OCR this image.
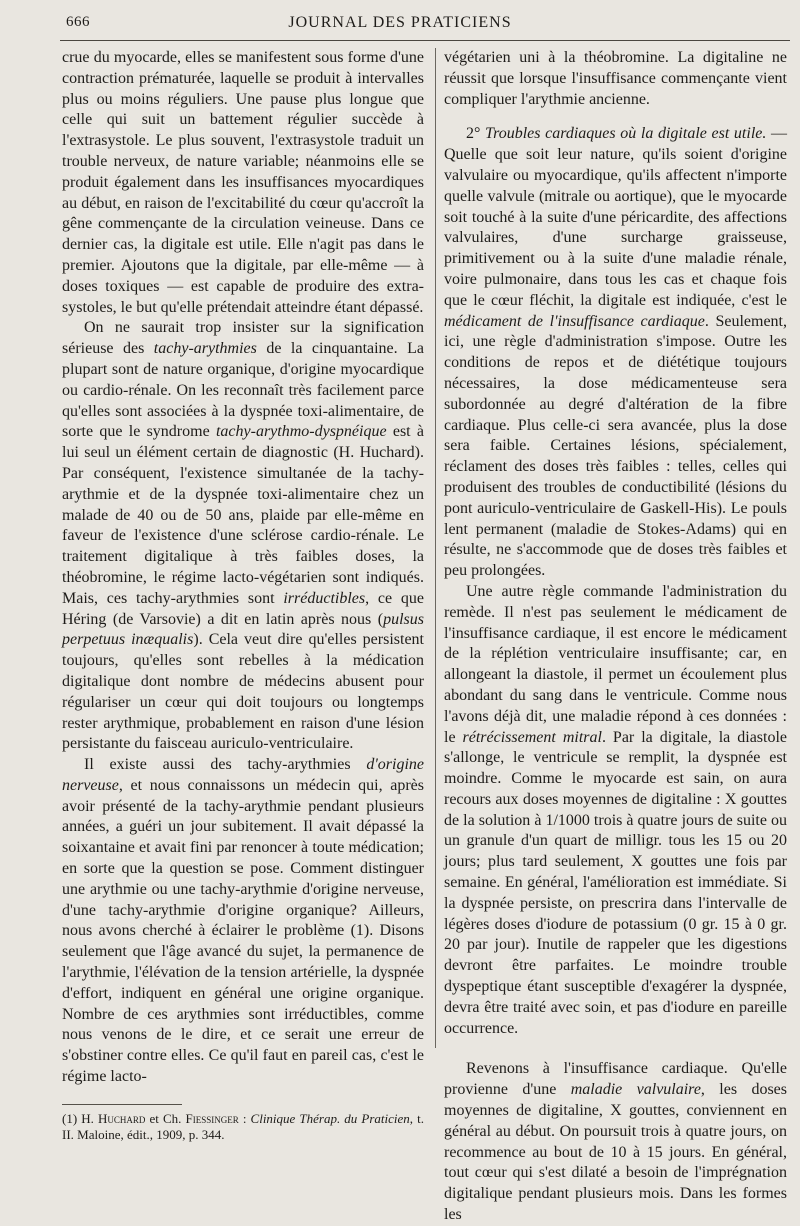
666	JOURNAL DES PRATICIENS

crue du myocarde, elles se manifestent sous forme d'une contraction prématurée, laquelle se produit à intervalles plus ou moins réguliers. Une pause plus longue que celle qui suit un battement régulier succède à l'extrasystole. Le plus souvent, l'extrasystole traduit un trouble nerveux, de nature variable; néanmoins elle se produit également dans les insuffisances myocardiques au début, en raison de l'excitabilité du cœur qu'accroît la gêne commençante de la circulation veineuse. Dans ce dernier cas, la digitale est utile. Elle n'agit pas dans le premier. Ajoutons que la digitale, par elle-même — à doses toxiques — est capable de produire des extra-systoles, le but qu'elle prétendait atteindre étant dépassé.

On ne saurait trop insister sur la signification sérieuse des tachy-arythmies de la cinquantaine. La plupart sont de nature organique, d'origine myocardique ou cardio-rénale. On les reconnaît très facilement parce qu'elles sont associées à la dyspnée toxi-alimentaire, de sorte que le syndrome tachy-arythmo-dyspnéique est à lui seul un élément certain de diagnostic (H. Huchard). Par conséquent, l'existence simultanée de la tachy-arythmie et de la dyspnée toxi-alimentaire chez un malade de 40 ou de 50 ans, plaide par elle-même en faveur de l'existence d'une sclérose cardio-rénale. Le traitement digitalique à très faibles doses, la théobromine, le régime lacto-végétarien sont indiqués. Mais, ces tachy-arythmies sont irréductibles, ce que Héring (de Varsovie) a dit en latin après nous (pulsus perpetuus inæqualis). Cela veut dire qu'elles persistent toujours, qu'elles sont rebelles à la médication digitalique dont nombre de médecins abusent pour régulariser un cœur qui doit toujours ou longtemps rester arythmique, probablement en raison d'une lésion persistante du faisceau auriculo-ventriculaire.

Il existe aussi des tachy-arythmies d'origine nerveuse, et nous connaissons un médecin qui, après avoir présenté de la tachy-arythmie pendant plusieurs années, a guéri un jour subitement. Il avait dépassé la soixantaine et avait fini par renoncer à toute médication; en sorte que la question se pose. Comment distinguer une arythmie ou une tachy-arythmie d'origine nerveuse, d'une tachy-arythmie d'origine organique? Ailleurs, nous avons cherché à éclairer le problème (1). Disons seulement que l'âge avancé du sujet, la permanence de l'arythmie, l'élévation de la tension artérielle, la dyspnée d'effort, indiquent en général une origine organique. Nombre de ces arythmies sont irréductibles, comme nous venons de le dire, et ce serait une erreur de s'obstiner contre elles. Ce qu'il faut en pareil cas, c'est le régime lacto-

(1) H. Huchard et Ch. Fiessinger : Clinique Thérap. du Praticien, t. II. Maloine, édit., 1909, p. 344.

végétarien uni à la théobromine. La digitaline ne réussit que lorsque l'insuffisance commençante vient compliquer l'arythmie ancienne.

2° Troubles cardiaques où la digitale est utile. — Quelle que soit leur nature, qu'ils soient d'origine valvulaire ou myocardique, qu'ils affectent n'importe quelle valvule (mitrale ou aortique), que le myocarde soit touché à la suite d'une péricardite, des affections valvulaires, d'une surcharge graisseuse, primitivement ou à la suite d'une maladie rénale, voire pulmonaire, dans tous les cas et chaque fois que le cœur fléchit, la digitale est indiquée, c'est le médicament de l'insuffisance cardiaque. Seulement, ici, une règle d'administration s'impose. Outre les conditions de repos et de diététique toujours nécessaires, la dose médicamenteuse sera subordonnée au degré d'altération de la fibre cardiaque. Plus celle-ci sera avancée, plus la dose sera faible. Certaines lésions, spécialement, réclament des doses très faibles : telles, celles qui produisent des troubles de conductibilité (lésions du pont auriculo-ventriculaire de Gaskell-His). Le pouls lent permanent (maladie de Stokes-Adams) qui en résulte, ne s'accommode que de doses très faibles et peu prolongées.

Une autre règle commande l'administration du remède. Il n'est pas seulement le médicament de l'insuffisance cardiaque, il est encore le médicament de la réplétion ventriculaire insuffisante; car, en allongeant la diastole, il permet un écoulement plus abondant du sang dans le ventricule. Comme nous l'avons déjà dit, une maladie répond à ces données : le rétrécissement mitral. Par la digitale, la diastole s'allonge, le ventricule se remplit, la dyspnée est moindre. Comme le myocarde est sain, on aura recours aux doses moyennes de digitaline : X gouttes de la solution à 1/1000 trois à quatre jours de suite ou un granule d'un quart de milligr. tous les 15 ou 20 jours; plus tard seulement, X gouttes une fois par semaine. En général, l'amélioration est immédiate. Si la dyspnée persiste, on prescrira dans l'intervalle de légères doses d'iodure de potassium (0 gr. 15 à 0 gr. 20 par jour). Inutile de rappeler que les digestions devront être parfaites. Le moindre trouble dyspeptique étant susceptible d'exagérer la dyspnée, devra être traité avec soin, et pas d'iodure en pareille occurrence.

Revenons à l'insuffisance cardiaque. Qu'elle provienne d'une maladie valvulaire, les doses moyennes de digitaline, X gouttes, conviennent en général au début. On poursuit trois à quatre jours, on recommence au bout de 10 à 15 jours. En général, tout cœur qui s'est dilaté a besoin de l'imprégnation digitalique pendant plusieurs mois. Dans les formes les
